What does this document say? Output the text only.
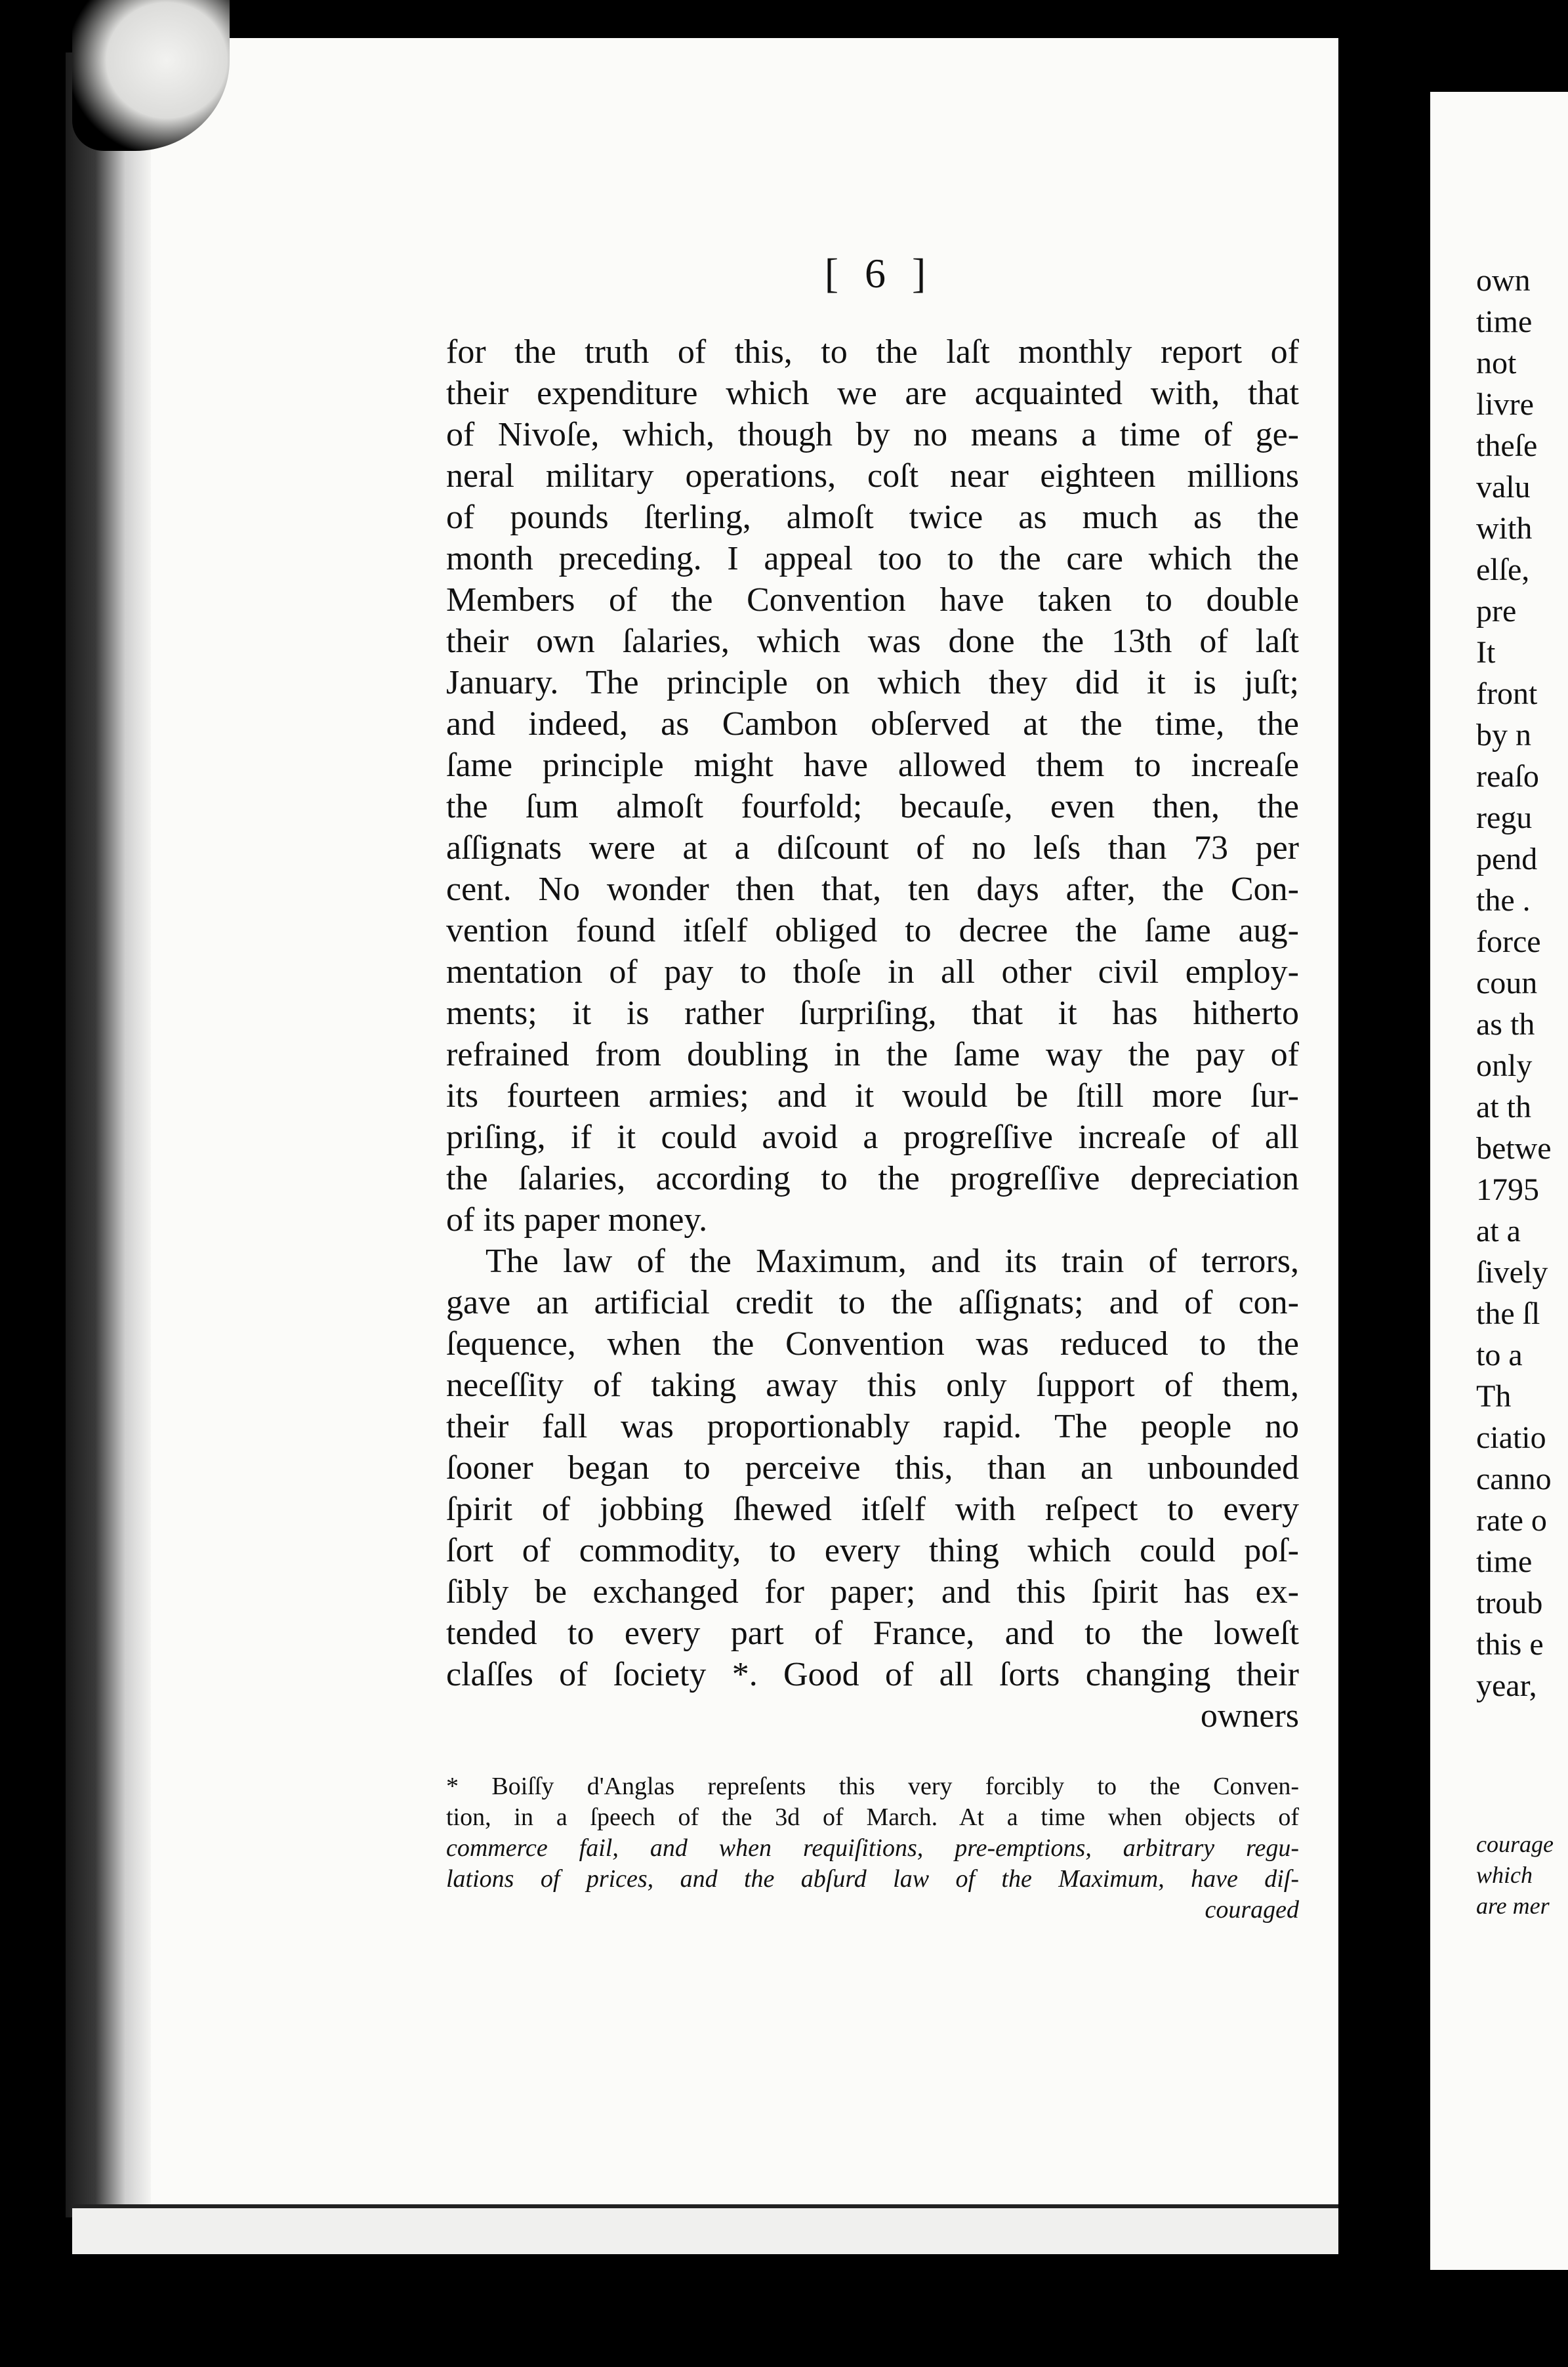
[ 6 ]
for the truth of this, to the laſt monthly report of
their expenditure which we are acquainted with, that
of Nivoſe, which, though by no means a time of ge-
neral military operations, coſt near eighteen millions
of pounds ſterling, almoſt twice as much as the
month preceding. I appeal too to the care which the
Members of the Convention have taken to double
their own ſalaries, which was done the 13th of laſt
January. The principle on which they did it is juſt;
and indeed, as Cambon obſerved at the time, the
ſame principle might have allowed them to increaſe
the ſum almoſt fourfold; becauſe, even then, the
aſſignats were at a diſcount of no leſs than 73 per
cent. No wonder then that, ten days after, the Con-
vention found itſelf obliged to decree the ſame aug-
mentation of pay to thoſe in all other civil employ-
ments; it is rather ſurpriſing, that it has hitherto
refrained from doubling in the ſame way the pay of
its fourteen armies; and it would be ſtill more ſur-
priſing, if it could avoid a progreſſive increaſe of all
the ſalaries, according to the progreſſive depreciation
of its paper money.
The law of the Maximum, and its train of terrors,
gave an artificial credit to the aſſignats; and of con-
ſequence, when the Convention was reduced to the
neceſſity of taking away this only ſupport of them,
their fall was proportionably rapid. The people no
ſooner began to perceive this, than an unbounded
ſpirit of jobbing ſhewed itſelf with reſpect to every
ſort of commodity, to every thing which could poſ-
ſibly be exchanged for paper; and this ſpirit has ex-
tended to every part of France, and to the loweſt
claſſes of ſociety *. Good of all ſorts changing their
owners
* Boiſſy d'Anglas repreſents this very forcibly to the Conven-
tion, in a ſpeech of the 3d of March. At a time when objects of
commerce fail, and when requiſitions, pre-emptions, arbitrary regu-
lations of prices, and the abſurd law of the Maximum, have diſ-
couraged
own
time
not
livre
theſe
valu
with
elſe,
pre
It
front
by n
reaſo
regu
pend
the .
force
coun
as th
only
at th
betwe
1795
at a
ſively
the ſl
to a
Th
ciatio
canno
rate o
time
troub
this e
year,
courage
which
are mer
